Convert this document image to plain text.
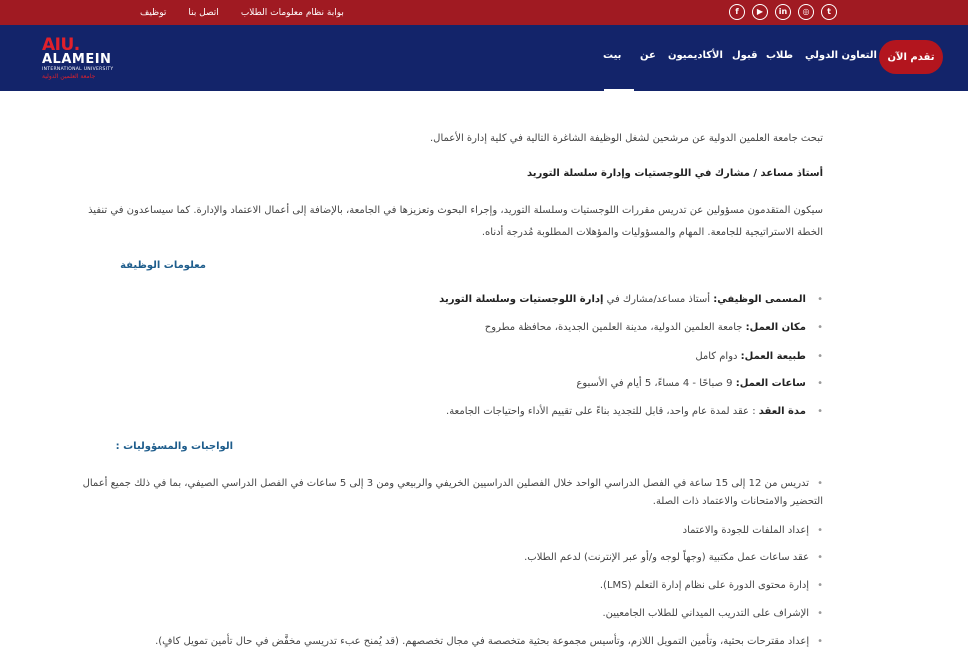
f	▶	in	◎	t
توظيف اتصل بنا بوابة نظام معلومات الطلاب
AIU.
ALAMEIN
INTERNATIONAL UNIVERSITY
جامعة العلمين الدولية
بيت عن الأكاديميون قبول طلاب التعاون الدولي	تقدم الآن
تبحث جامعة العلمين الدولية عن مرشحين لشغل الوظيفة الشاغرة التالية في كلية إدارة الأعمال.
أستاذ مساعد / مشارك في اللوجستيات وإدارة سلسلة التوريد
سيكون المتقدمون مسؤولين عن تدريس مقررات اللوجستيات وسلسلة التوريد، وإجراء البحوث وتعزيزها في الجامعة، بالإضافة إلى أعمال الاعتماد والإدارة. كما سيساعدون في تنفيذ
الخطة الاستراتيجية للجامعة. المهام والمسؤوليات والمؤهلات المطلوبة مُدرجة أدناه.
معلومات الوظيفة
• المسمى الوظيفي: أستاذ مساعد/مشارك في إدارة اللوجستيات وسلسلة التوريد
• مكان العمل: جامعة العلمين الدولية، مدينة العلمين الجديدة، محافظة مطروح
• طبيعة العمل: دوام كامل
• ساعات العمل: 9 صباحًا - 4 مساءً، 5 أيام في الأسبوع
• مدة العقد : عقد لمدة عام واحد، قابل للتجديد بناءً على تقييم الأداء واحتياجات الجامعة.
الواجبات والمسؤوليات :
• تدريس من 12 إلى 15 ساعة في الفصل الدراسي الواحد خلال الفصلين الدراسيين الخريفي والربيعي ومن 3 إلى 5 ساعات في الفصل الدراسي الصيفي، بما في ذلك جميع أعمال
التحضير والامتحانات والاعتماد ذات الصلة.
• إعداد الملفات للجودة والاعتماد
• عقد ساعات عمل مكتبية (وجهاً لوجه و/أو عبر الإنترنت) لدعم الطلاب.
• إدارة محتوى الدورة على نظام إدارة التعلم (LMS).
• الإشراف على التدريب الميداني للطلاب الجامعيين.
• إعداد مقترحات بحثية، وتأمين التمويل اللازم، وتأسيس مجموعة بحثية متخصصة في مجال تخصصهم. (قد يُمنح عبء تدريسي مخفَّض في حال تأمين تمويل كافٍ).
